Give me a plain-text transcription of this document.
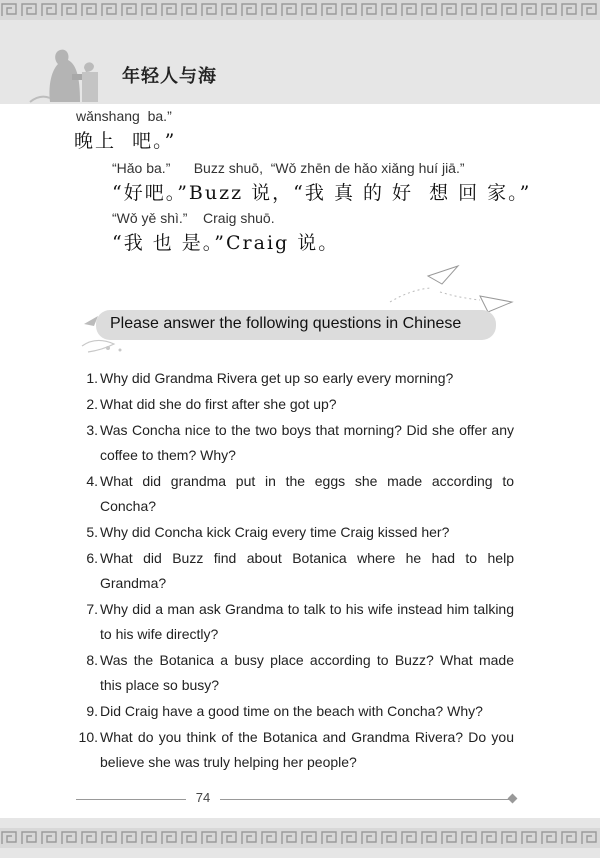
年轻人与海
wǎnshang  ba.”
晚上  吧。”
“Hǎo ba.”      Buzz shuō,  “Wǒ zhēn de hǎo xiǎng huí jiā.”
“好吧。”Buzz 说，“我 真 的 好  想 回 家。”
“Wǒ yě shì.”    Craig shuō.
“我 也 是。”Craig 说。
Please answer the following questions in Chinese
1. Why did Grandma Rivera get up so early every morning?
2. What did she do first after she got up?
3. Was Concha nice to the two boys that morning? Did she offer any coffee to them? Why?
4. What did grandma put in the eggs she made according to Concha?
5. Why did Concha kick Craig every time Craig kissed her?
6. What did Buzz find about Botanica where he had to help Grandma?
7. Why did a man ask Grandma to talk to his wife instead him talking to his wife directly?
8. Was the Botanica a busy place according to Buzz? What made this place so busy?
9. Did Craig have a good time on the beach with Concha? Why?
10. What do you think of the Botanica and Grandma Rivera? Do you believe she was truly helping her people?
74
